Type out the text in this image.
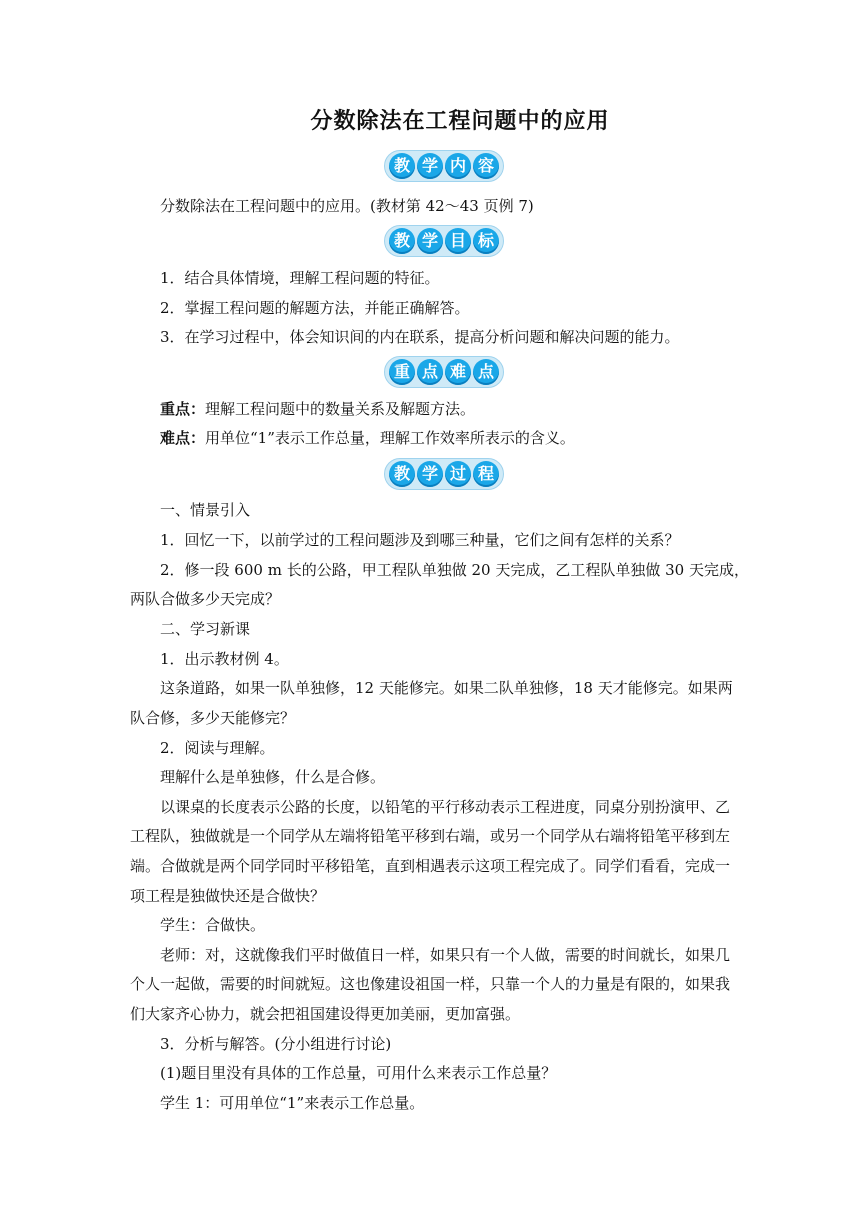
分数除法在工程问题中的应用
教 学 内 容
分数除法在工程问题中的应用。(教材第 42～43 页例 7)
教 学 目 标
1．结合具体情境，理解工程问题的特征。
2．掌握工程问题的解题方法，并能正确解答。
3．在学习过程中，体会知识间的内在联系，提高分析问题和解决问题的能力。
重 点 难 点
重点：理解工程问题中的数量关系及解题方法。
难点：用单位“1”表示工作总量，理解工作效率所表示的含义。
教 学 过 程
一、情景引入
1．回忆一下，以前学过的工程问题涉及到哪三种量，它们之间有怎样的关系？
2．修一段 600 m 长的公路，甲工程队单独做 20 天完成，乙工程队单独做 30 天完成，
两队合做多少天完成？
二、学习新课
1．出示教材例 4。
这条道路，如果一队单独修，12 天能修完。如果二队单独修，18 天才能修完。如果两
队合修，多少天能修完？
2．阅读与理解。
理解什么是单独修，什么是合修。
以课桌的长度表示公路的长度，以铅笔的平行移动表示工程进度，同桌分别扮演甲、乙
工程队，独做就是一个同学从左端将铅笔平移到右端，或另一个同学从右端将铅笔平移到左
端。合做就是两个同学同时平移铅笔，直到相遇表示这项工程完成了。同学们看看，完成一
项工程是独做快还是合做快？
学生：合做快。
老师：对，这就像我们平时做值日一样，如果只有一个人做，需要的时间就长，如果几
个人一起做，需要的时间就短。这也像建设祖国一样，只靠一个人的力量是有限的，如果我
们大家齐心协力，就会把祖国建设得更加美丽，更加富强。
3．分析与解答。(分小组进行讨论)
(1)题目里没有具体的工作总量，可用什么来表示工作总量？
学生 1：可用单位“1”来表示工作总量。
